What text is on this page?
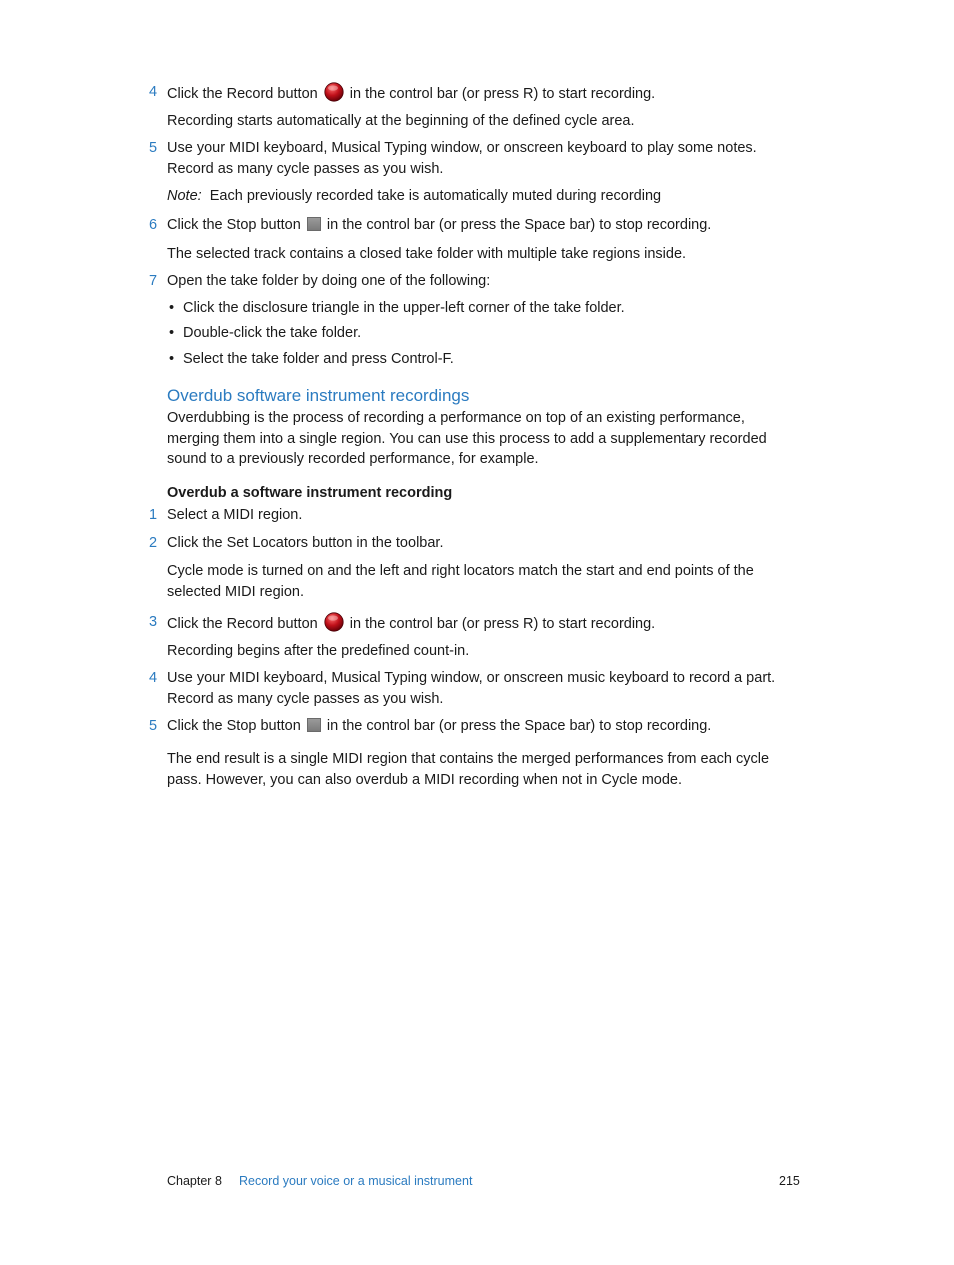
4 Click the Record button in the control bar (or press R) to start recording.
Recording starts automatically at the beginning of the defined cycle area.
5 Use your MIDI keyboard, Musical Typing window, or onscreen keyboard to play some notes.
Record as many cycle passes as you wish.
Note: Each previously recorded take is automatically muted during recording
6 Click the Stop button in the control bar (or press the Space bar) to stop recording.
The selected track contains a closed take folder with multiple take regions inside.
7 Open the take folder by doing one of the following:
• Click the disclosure triangle in the upper-left corner of the take folder.
• Double-click the take folder.
• Select the take folder and press Control-F.
Overdub software instrument recordings
Overdubbing is the process of recording a performance on top of an existing performance,
merging them into a single region. You can use this process to add a supplementary recorded
sound to a previously recorded performance, for example.
Overdub a software instrument recording
1 Select a MIDI region.
2 Click the Set Locators button in the toolbar.
Cycle mode is turned on and the left and right locators match the start and end points of the
selected MIDI region.
3 Click the Record button in the control bar (or press R) to start recording.
Recording begins after the predefined count-in.
4 Use your MIDI keyboard, Musical Typing window, or onscreen music keyboard to record a part.
Record as many cycle passes as you wish.
5 Click the Stop button in the control bar (or press the Space bar) to stop recording.
The end result is a single MIDI region that contains the merged performances from each cycle
pass. However, you can also overdub a MIDI recording when not in Cycle mode.
Chapter 8 Record your voice or a musical instrument	215
